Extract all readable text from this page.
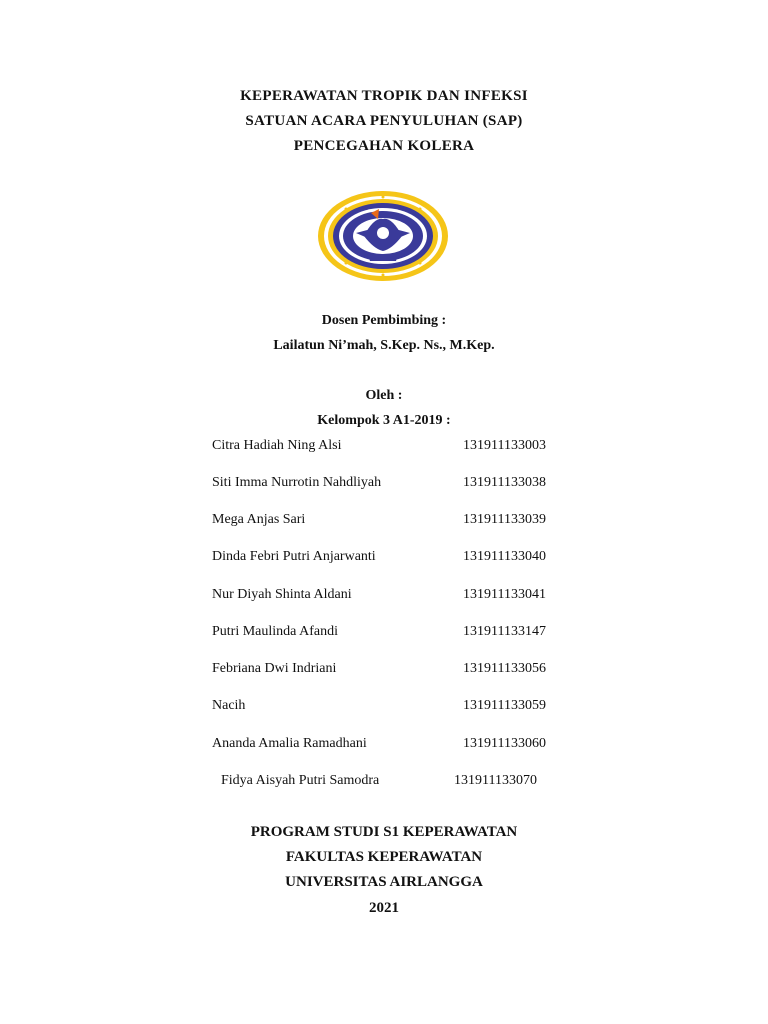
KEPERAWATAN TROPIK DAN INFEKSI
SATUAN ACARA PENYULUHAN (SAP)
PENCEGAHAN KOLERA
Dosen Pembimbing :
Lailatun Ni’mah, S.Kep. Ns., M.Kep.
Oleh :
Kelompok 3 A1-2019 :
Citra Hadiah Ning Alsi	131911133003
Siti Imma Nurrotin Nahdliyah	131911133038
Mega Anjas Sari	131911133039
Dinda Febri Putri Anjarwanti	131911133040
Nur Diyah Shinta Aldani	131911133041
Putri Maulinda Afandi	131911133147
Febriana Dwi Indriani	131911133056
Nacih	131911133059
Ananda Amalia Ramadhani	131911133060
Fidya Aisyah Putri Samodra	131911133070
PROGRAM STUDI S1 KEPERAWATAN
FAKULTAS KEPERAWATAN
UNIVERSITAS AIRLANGGA
2021
